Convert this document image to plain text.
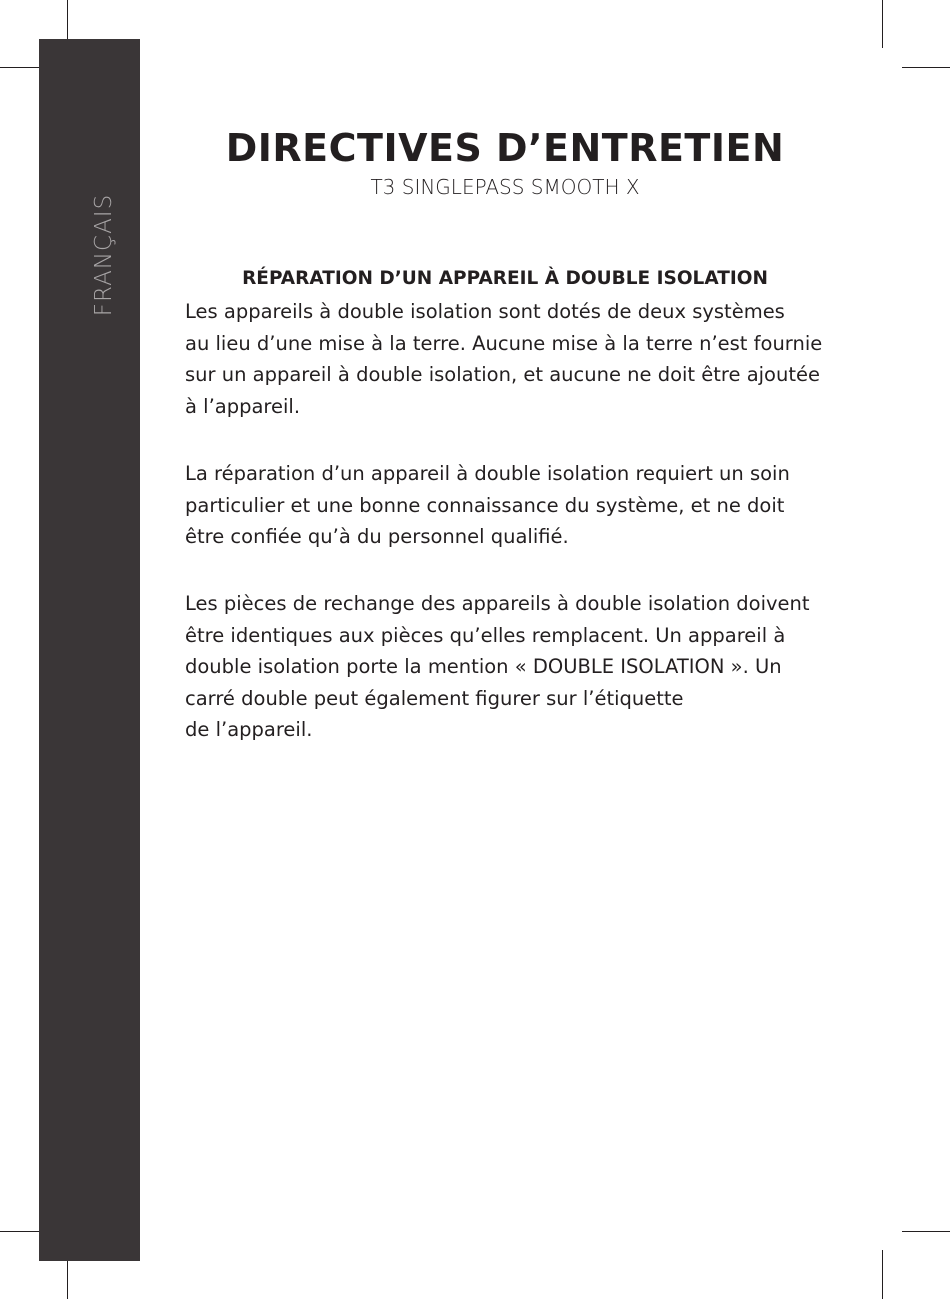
FRANÇAIS
DIRECTIVES D’ENTRETIEN
T3 SINGLEPASS SMOOTH X
RÉPARATION D’UN APPAREIL À DOUBLE ISOLATION

Les appareils à double isolation sont dotés de deux systèmes
au lieu d’une mise à la terre. Aucune mise à la terre n’est fournie
sur un appareil à double isolation, et aucune ne doit être ajoutée
à l’appareil.

La réparation d’un appareil à double isolation requiert un soin
particulier et une bonne connaissance du système, et ne doit
être confiée qu’à du personnel qualifié.

Les pièces de rechange des appareils à double isolation doivent
être identiques aux pièces qu’elles remplacent. Un appareil à
double isolation porte la mention « DOUBLE ISOLATION ». Un
carré double peut également figurer sur l’étiquette
de l’appareil.
